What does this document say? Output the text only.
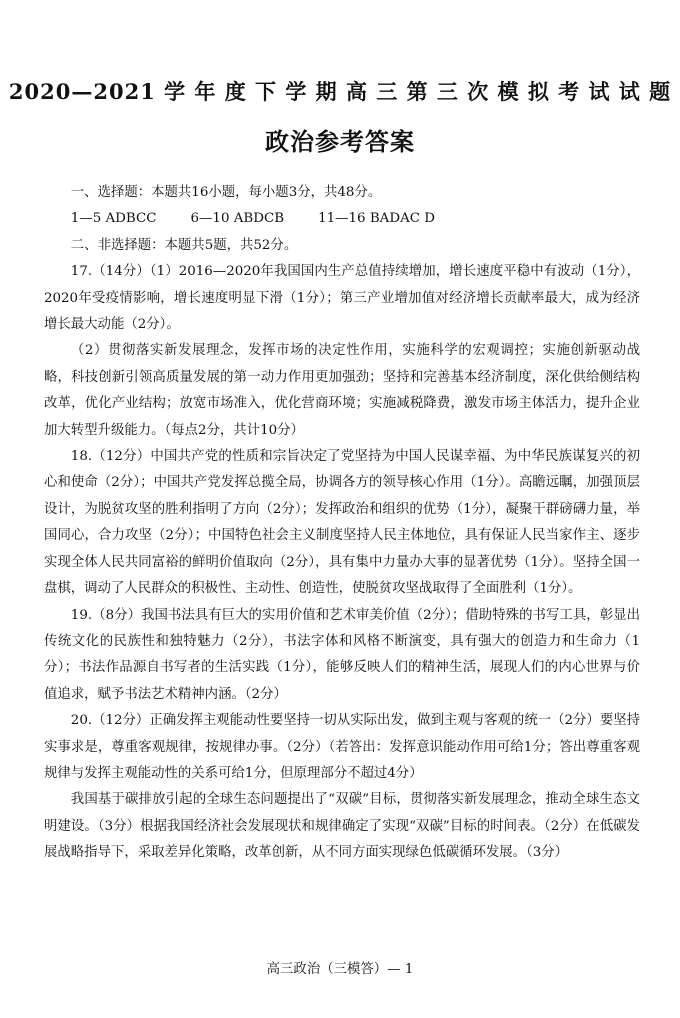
2020—2021 学 年 度 下 学 期 高 三 第 三 次 模 拟 考 试 试 题
政治参考答案

一、选择题：本题共16小题，每小题3分，共48分。

1—5 ADBCC        6—10 ABDCB        11—16 BADAC D

二、非选择题：本题共5题，共52分。

17.（14分）（1）2016—2020年我国国内生产总值持续增加，增长速度平稳中有波动（1分），2020年受疫情影响，增长速度明显下滑（1分）；第三产业增加值对经济增长贡献率最大，成为经济增长最大动能（2分）。

（2）贯彻落实新发展理念，发挥市场的决定性作用，实施科学的宏观调控；实施创新驱动战略，科技创新引领高质量发展的第一动力作用更加强劲；坚持和完善基本经济制度，深化供给侧结构改革，优化产业结构；放宽市场准入，优化营商环境；实施减税降费，激发市场主体活力，提升企业加大转型升级能力。（每点2分，共计10分）

18.（12分）中国共产党的性质和宗旨决定了党坚持为中国人民谋幸福、为中华民族谋复兴的初心和使命（2分）；中国共产党发挥总揽全局，协调各方的领导核心作用（1分）。高瞻远瞩，加强顶层设计，为脱贫攻坚的胜利指明了方向（2分）；发挥政治和组织的优势（1分），凝聚干群磅礴力量，举国同心，合力攻坚（2分）；中国特色社会主义制度坚持人民主体地位，具有保证人民当家作主、逐步实现全体人民共同富裕的鲜明价值取向（2分），具有集中力量办大事的显著优势（1分）。坚持全国一盘棋，调动了人民群众的积极性、主动性、创造性，使脱贫攻坚战取得了全面胜利（1分）。

19.（8分）我国书法具有巨大的实用价值和艺术审美价值（2分）；借助特殊的书写工具，彰显出传统文化的民族性和独特魅力（2分），书法字体和风格不断演变，具有强大的创造力和生命力（1分）；书法作品源自书写者的生活实践（1分），能够反映人们的精神生活，展现人们的内心世界与价值追求，赋予书法艺术精神内涵。（2分）

20.（12分）正确发挥主观能动性要坚持一切从实际出发，做到主观与客观的统一（2分）要坚持实事求是，尊重客观规律，按规律办事。（2分）（若答出：发挥意识能动作用可给1分；答出尊重客观规律与发挥主观能动性的关系可给1分，但原理部分不超过4分）

我国基于碳排放引起的全球生态问题提出了“双碳”目标，贯彻落实新发展理念，推动全球生态文明建设。（3分）根据我国经济社会发展现状和规律确定了实现“双碳”目标的时间表。（2分）在低碳发展战略指导下，采取差异化策略，改革创新，从不同方面实现绿色低碳循环发展。（3分）

高三政治（三模答）— 1
